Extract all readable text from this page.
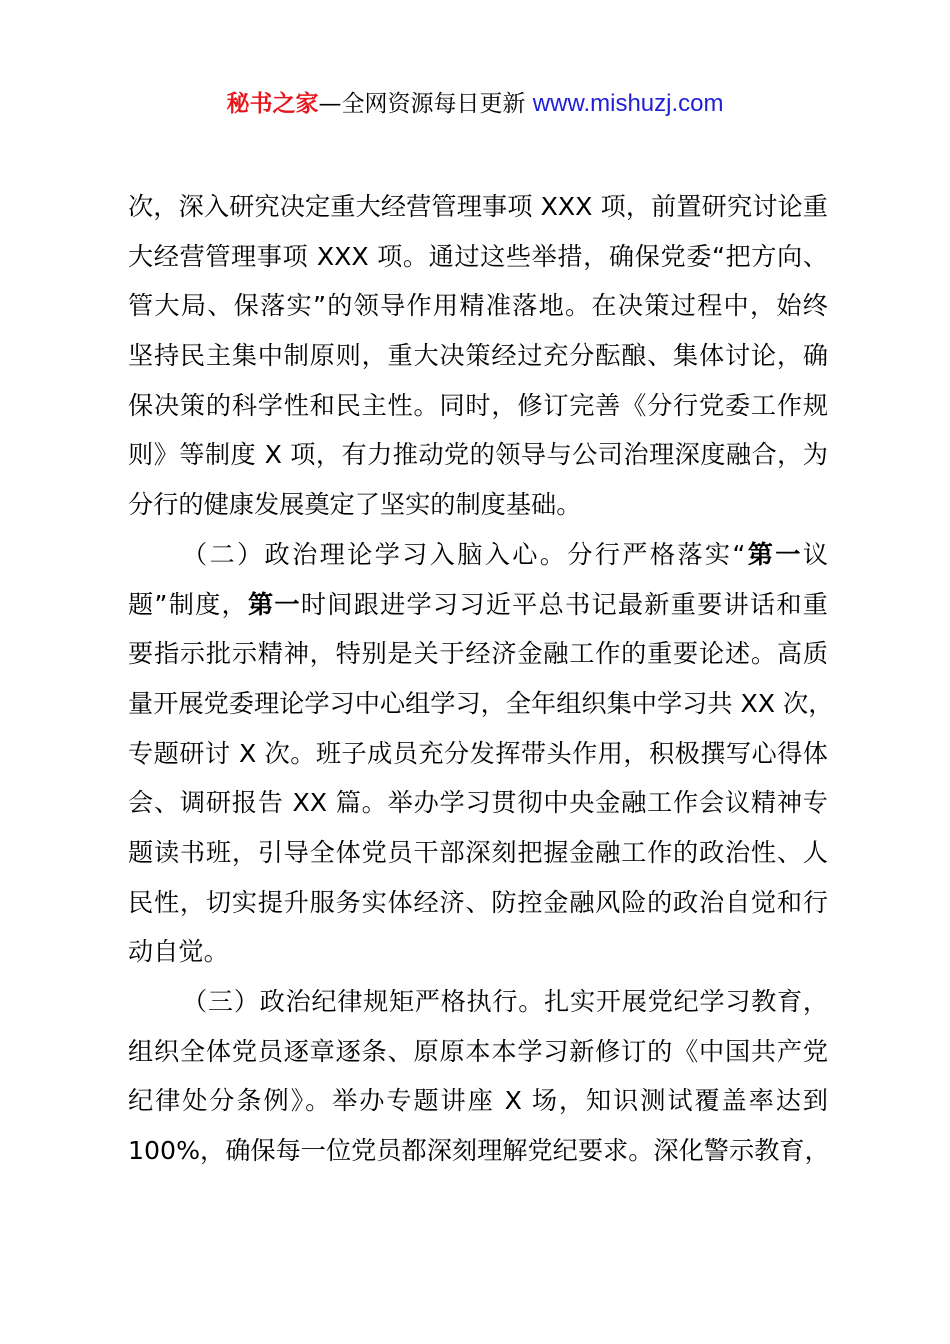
秘书之家—全网资源每日更新 www.mishuzj.com
次，深入研究决定重大经营管理事项 XXX 项，前置研究讨论重
大经营管理事项 XXX 项。通过这些举措，确保党委“把方向、
管大局、保落实”的领导作用精准落地。在决策过程中，始终
坚持民主集中制原则，重大决策经过充分酝酿、集体讨论，确
保决策的科学性和民主性。同时，修订完善《分行党委工作规
则》等制度 X 项，有力推动党的领导与公司治理深度融合，为
分行的健康发展奠定了坚实的制度基础。
（二）政治理论学习入脑入心。分行严格落实“第一议
题”制度，第一时间跟进学习习近平总书记最新重要讲话和重
要指示批示精神，特别是关于经济金融工作的重要论述。高质
量开展党委理论学习中心组学习，全年组织集中学习共 XX 次，
专题研讨 X 次。班子成员充分发挥带头作用，积极撰写心得体
会、调研报告 XX 篇。举办学习贯彻中央金融工作会议精神专
题读书班，引导全体党员干部深刻把握金融工作的政治性、人
民性，切实提升服务实体经济、防控金融风险的政治自觉和行
动自觉。
（三）政治纪律规矩严格执行。扎实开展党纪学习教育，
组织全体党员逐章逐条、原原本本学习新修订的《中国共产党
纪律处分条例》。举办专题讲座 X 场，知识测试覆盖率达到
100%，确保每一位党员都深刻理解党纪要求。深化警示教育，
